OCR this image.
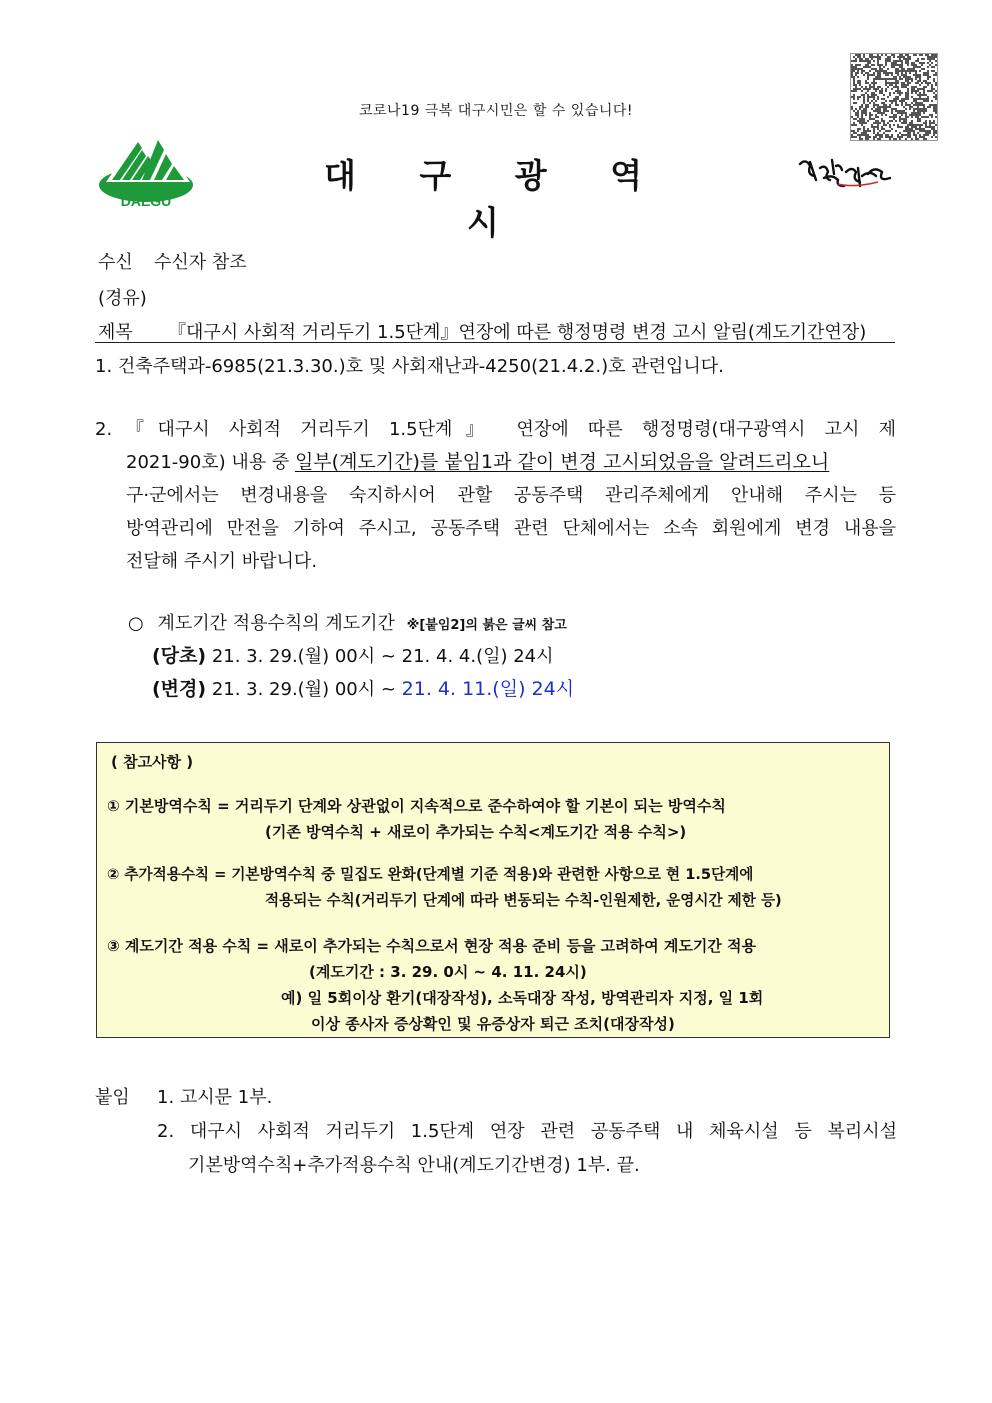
코로나19 극복 대구시민은 할 수 있습니다!
DAEGU
대 구 광 역 시
수신 수신자 참조
(경유)
제목 『대구시 사회적 거리두기 1.5단계』연장에 따른 행정명령 변경 고시 알림(계도기간연장)
1. 건축주택과-6985(21.3.30.)호 및 사회재난과-4250(21.4.2.)호 관련입니다.
2. 『대구시 사회적 거리두기 1.5단계』 연장에 따른 행정명령(대구광역시 고시 제
2021-90호) 내용 중 일부(계도기간)를 붙임1과 같이 변경 고시되었음을 알려드리오니
구·군에서는 변경내용을 숙지하시어 관할 공동주택 관리주체에게 안내해 주시는 등
방역관리에 만전을 기하여 주시고, 공동주택 관련 단체에서는 소속 회원에게 변경 내용을
전달해 주시기 바랍니다.
○ 계도기간 적용수칙의 계도기간 ※[붙임2]의 붉은 글씨 참고
(당초) 21. 3. 29.(월) 00시 ~ 21. 4. 4.(일) 24시
(변경) 21. 3. 29.(월) 00시 ~ 21. 4. 11.(일) 24시
( 참고사항 )
① 기본방역수칙 = 거리두기 단계와 상관없이 지속적으로 준수하여야 할 기본이 되는 방역수칙
(기존 방역수칙 + 새로이 추가되는 수칙<계도기간 적용 수칙>)
② 추가적용수칙 = 기본방역수칙 중 밀집도 완화(단계별 기준 적용)와 관련한 사항으로 현 1.5단계에
적용되는 수칙(거리두기 단계에 따라 변동되는 수칙-인원제한, 운영시간 제한 등)
③ 계도기간 적용 수칙 = 새로이 추가되는 수칙으로서 현장 적용 준비 등을 고려하여 계도기간 적용
(계도기간 : 3. 29. 0시 ~ 4. 11. 24시)
예) 일 5회이상 환기(대장작성), 소독대장 작성, 방역관리자 지정, 일 1회
이상 종사자 증상확인 및 유증상자 퇴근 조치(대장작성)
붙임 1. 고시문 1부.
2. 대구시 사회적 거리두기 1.5단계 연장 관련 공동주택 내 체육시설 등 복리시설
기본방역수칙+추가적용수칙 안내(계도기간변경) 1부. 끝.
